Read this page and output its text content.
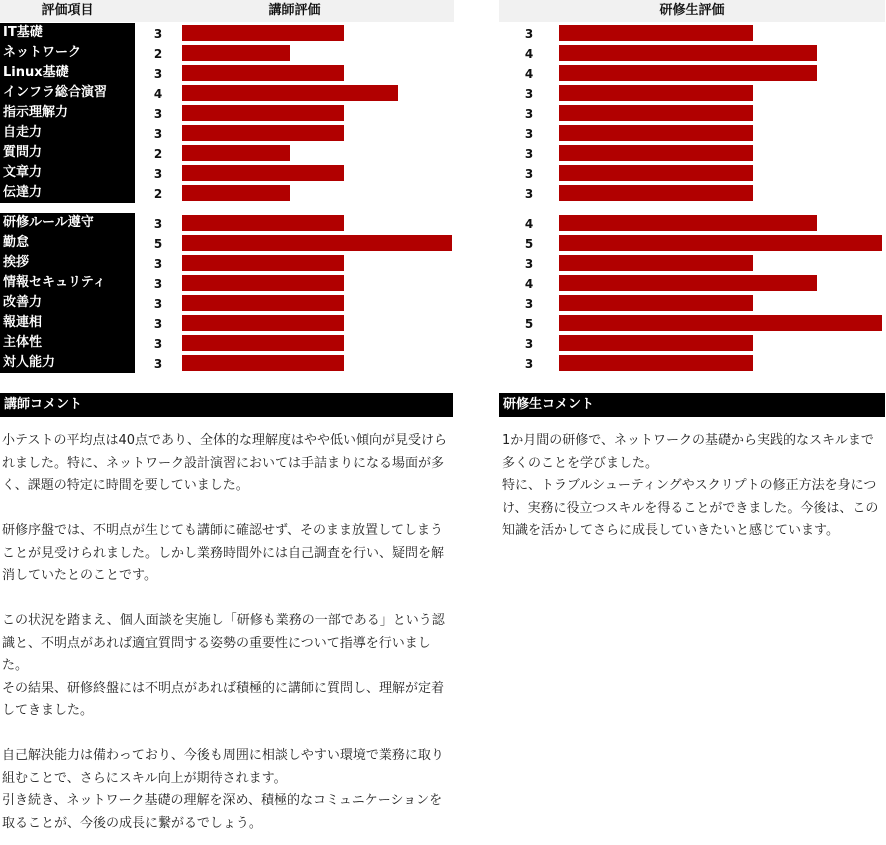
評価項目	講師評価	研修生評価
IT基礎	3	3
ネットワーク	2	4
Linux基礎	3	4
インフラ総合演習	4	3
指示理解力	3	3
自走力	3	3
質問力	2	3
文章力	3	3
伝達力	2	3
研修ルール遵守	3	4
勤怠	5	5
挨拶	3	3
情報セキュリティ	3	4
改善力	3	3
報連相	3	5
主体性	3	3
対人能力	3	3
講師コメント

小テストの平均点は40点であり、全体的な理解度はやや低い傾向が見受けられました。特に、ネットワーク設計演習においては手詰まりになる場面が多く、課題の特定に時間を要していました。

研修序盤では、不明点が生じても講師に確認せず、そのまま放置してしまうことが見受けられました。しかし業務時間外には自己調査を行い、疑問を解消していたとのことです。

この状況を踏まえ、個人面談を実施し「研修も業務の一部である」という認識と、不明点があれば適宜質問する姿勢の重要性について指導を行いました。

その結果、研修終盤には不明点があれば積極的に講師に質問し、理解が定着してきました。

自己解決能力は備わっており、今後も周囲に相談しやすい環境で業務に取り組むことで、さらにスキル向上が期待されます。

引き続き、ネットワーク基礎の理解を深め、積極的なコミュニケーションを取ることが、今後の成長に繋がるでしょう。

研修生コメント

1か月間の研修で、ネットワークの基礎から実践的なスキルまで多くのことを学びました。

特に、トラブルシューティングやスクリプトの修正方法を身につけ、実務に役立つスキルを得ることができました。今後は、この知識を活かしてさらに成長していきたいと感じています。
